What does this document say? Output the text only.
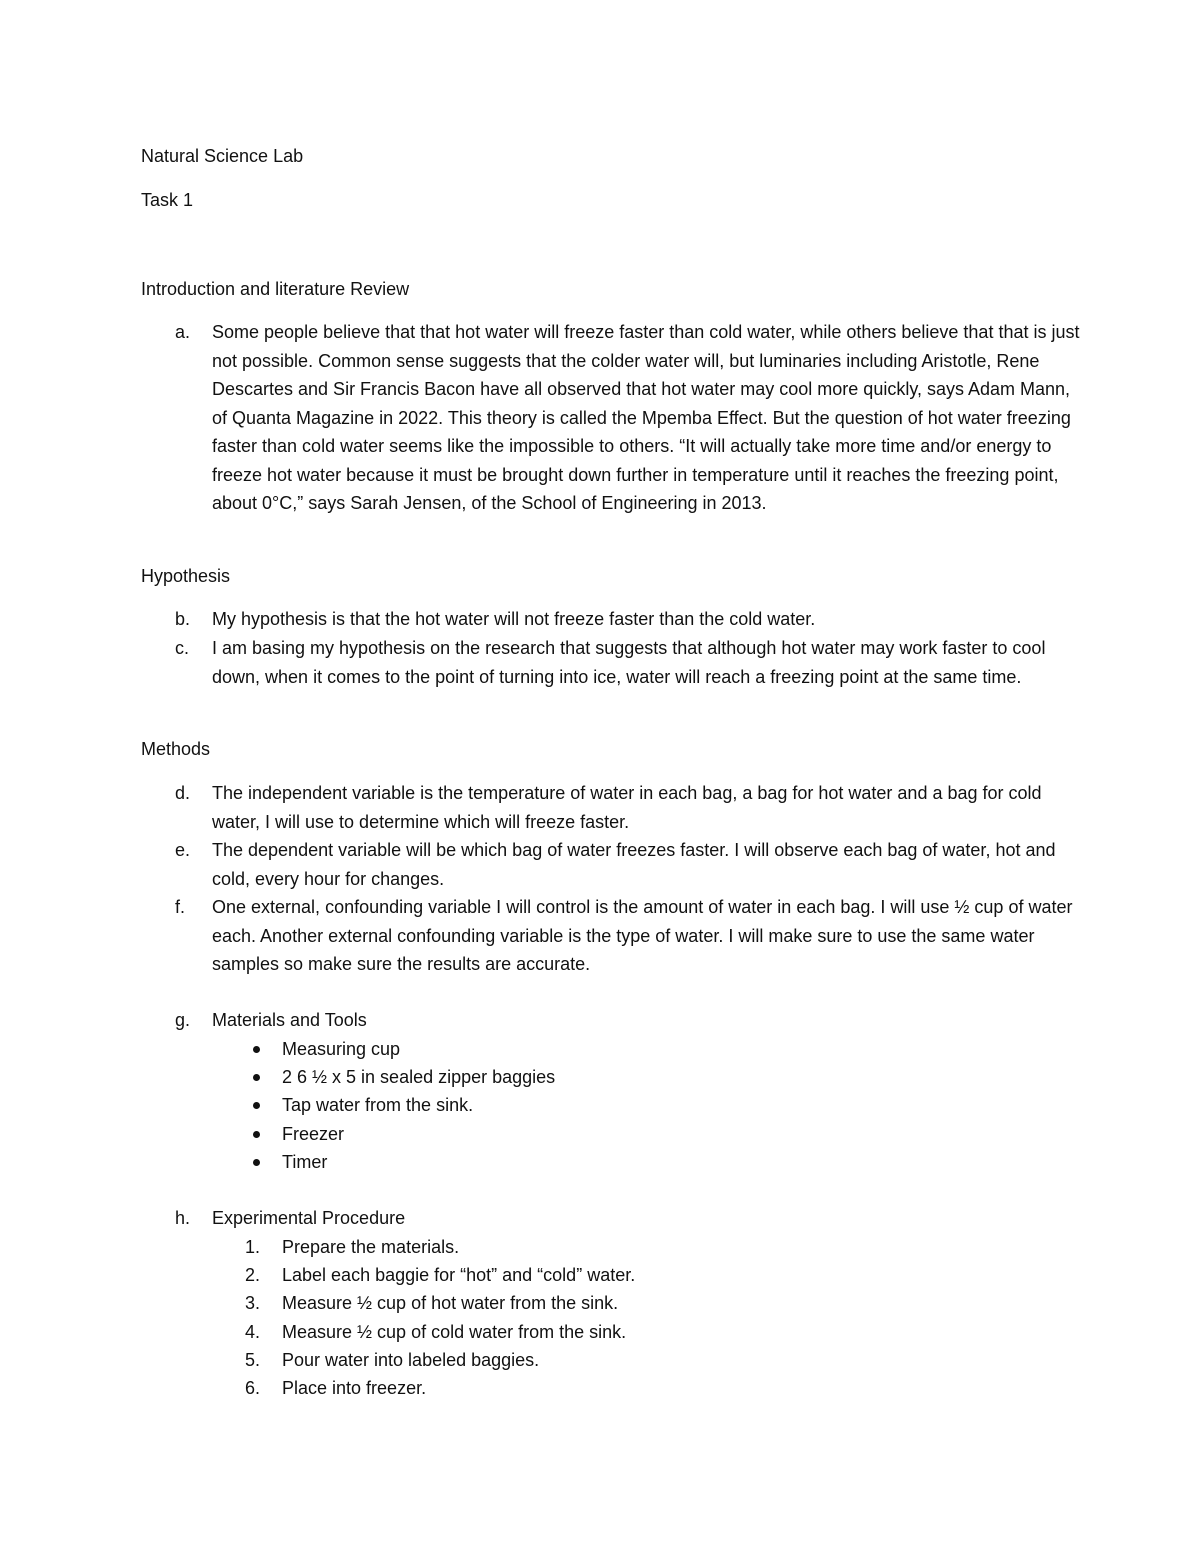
Natural Science Lab
Task 1
Introduction and literature Review
a.	Some people believe that that hot water will freeze faster than cold water, while others believe that that is just not possible. Common sense suggests that the colder water will, but luminaries including Aristotle, Rene Descartes and Sir Francis Bacon have all observed that hot water may cool more quickly, says Adam Mann, of Quanta Magazine in 2022. This theory is called the Mpemba Effect. But the question of hot water freezing faster than cold water seems like the impossible to others. “It will actually take more time and/or energy to freeze hot water because it must be brought down further in temperature until it reaches the freezing point, about 0°C,” says Sarah Jensen, of the School of Engineering in 2013.
Hypothesis
b.	My hypothesis is that the hot water will not freeze faster than the cold water.
c.	I am basing my hypothesis on the research that suggests that although hot water may work faster to cool down, when it comes to the point of turning into ice, water will reach a freezing point at the same time.
Methods
d.	The independent variable is the temperature of water in each bag, a bag for hot water and a bag for cold water, I will use to determine which will freeze faster.
e.	The dependent variable will be which bag of water freezes faster. I will observe each bag of water, hot and cold, every hour for changes.
f.	One external, confounding variable I will control is the amount of water in each bag. I will use ½ cup of water each. Another external confounding variable is the type of water. I will make sure to use the same water samples so make sure the results are accurate.
g.	Materials and Tools
Measuring cup
2 6 ½ x 5 in sealed zipper baggies
Tap water from the sink.
Freezer
Timer
h.	Experimental Procedure
1. Prepare the materials.
2. Label each baggie for “hot” and “cold” water.
3. Measure ½ cup of hot water from the sink.
4. Measure ½ cup of cold water from the sink.
5. Pour water into labeled baggies.
6. Place into freezer.
